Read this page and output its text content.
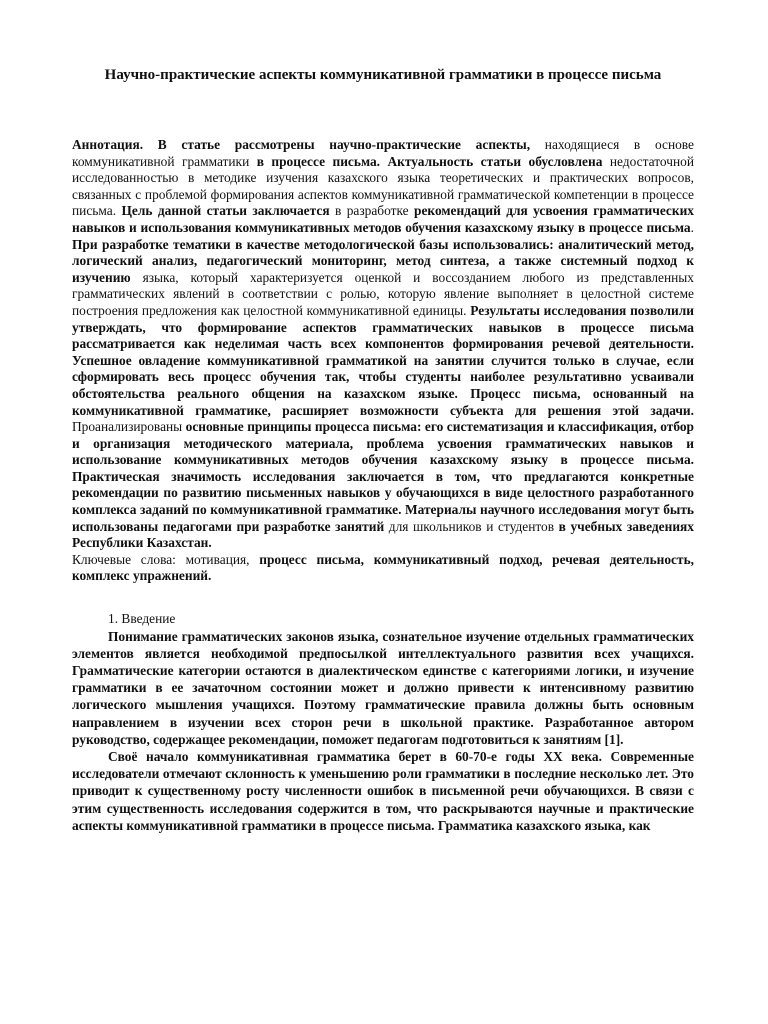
Научно-практические аспекты коммуникативной грамматики в процессе письма

Аннотация. В статье рассмотрены научно-практические аспекты, находящиеся в основе коммуникативной грамматики в процессе письма. Актуальность статьи обусловлена недостаточной исследованностью в методике изучения казахского языка теоретических и практических вопросов, связанных с проблемой формирования аспектов коммуникативной грамматической компетенции в процессе письма. Цель данной статьи заключается в разработке рекомендаций для усвоения грамматических навыков и использования коммуникативных методов обучения казахскому языку в процессе письма. При разработке тематики в качестве методологической базы использовались: аналитический метод, логический анализ, педагогический мониторинг, метод синтеза, а также системный подход к изучению языка, который характеризуется оценкой и воссозданием любого из представленных грамматических явлений в соответствии с ролью, которую явление выполняет в целостной системе построения предложения как целостной коммуникативной единицы. Результаты исследования позволили утверждать, что формирование аспектов грамматических навыков в процессе письма рассматривается как неделимая часть всех компонентов формирования речевой деятельности. Успешное овладение коммуникативной грамматикой на занятии случится только в случае, если сформировать весь процесс обучения так, чтобы студенты наиболее результативно усваивали обстоятельства реального общения на казахском языке. Процесс письма, основанный на коммуникативной грамматике, расширяет возможности субъекта для решения этой задачи. Проанализированы основные принципы процесса письма: его систематизация и классификация, отбор и организация методического материала, проблема усвоения грамматических навыков и использование коммуникативных методов обучения казахскому языку в процессе письма. Практическая значимость исследования заключается в том, что предлагаются конкретные рекомендации по развитию письменных навыков у обучающихся в виде целостного разработанного комплекса заданий по коммуникативной грамматике. Материалы научного исследования могут быть использованы педагогами при разработке занятий для школьников и студентов в учебных заведениях Республики Казахстан.

Ключевые слова: мотивация, процесс письма, коммуникативный подход, речевая деятельность, комплекс упражнений.

1. Введение

Понимание грамматических законов языка, сознательное изучение отдельных грамматических элементов является необходимой предпосылкой интеллектуального развития всех учащихся. Грамматические категории остаются в диалектическом единстве с категориями логики, и изучение грамматики в ее зачаточном состоянии может и должно привести к интенсивному развитию логического мышления учащихся. Поэтому грамматические правила должны быть основным направлением в изучении всех сторон речи в школьной практике. Разработанное автором руководство, содержащее рекомендации, поможет педагогам подготовиться к занятиям [1].

Своё начало коммуникативная грамматика берет в 60-70-е годы XX века. Современные исследователи отмечают склонность к уменьшению роли грамматики в последние несколько лет. Это приводит к существенному росту численности ошибок в письменной речи обучающихся. В связи с этим существенность исследования содержится в том, что раскрываются научные и практические аспекты коммуникативной грамматики в процессе письма. Грамматика казахского языка, как
